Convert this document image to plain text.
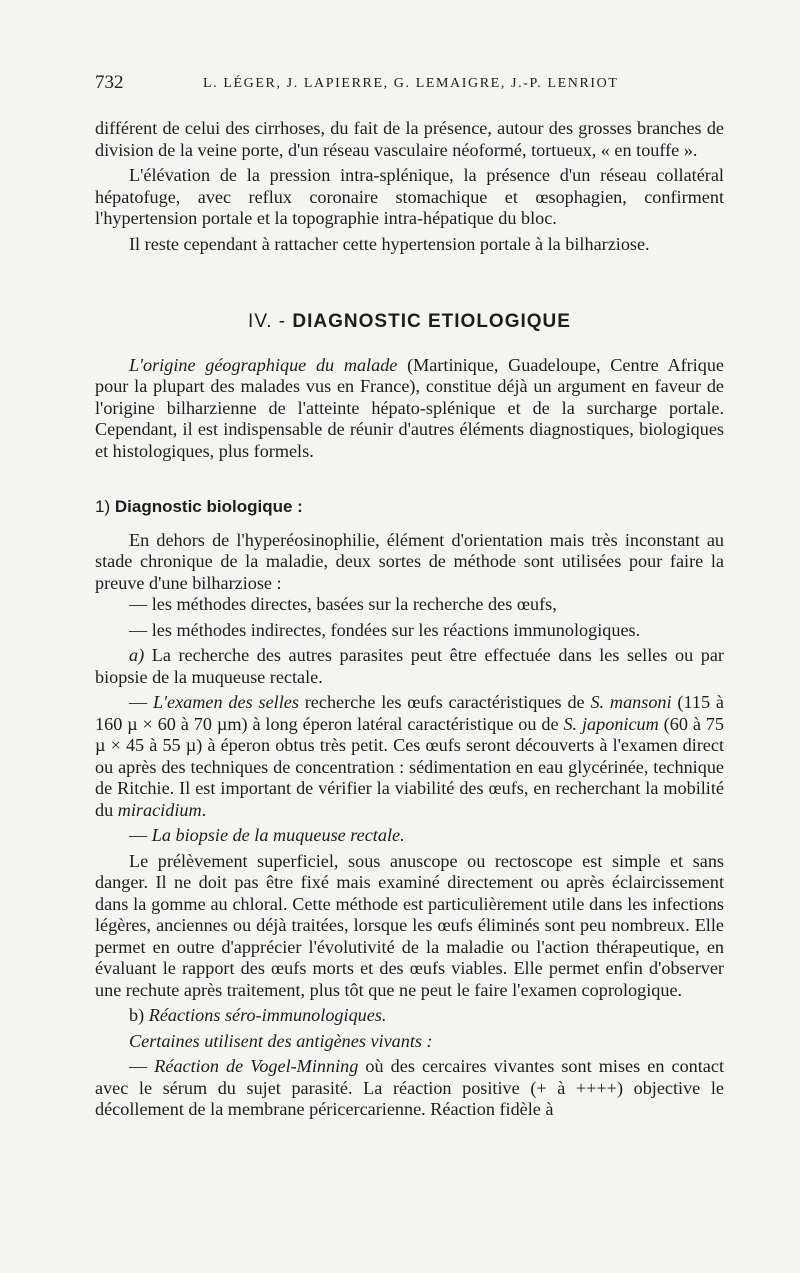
732	L. LÉGER, J. LAPIERRE, G. LEMAIGRE, J.-P. LENRIOT

différent de celui des cirrhoses, du fait de la présence, autour des grosses branches de division de la veine porte, d'un réseau vasculaire néoformé, tortueux, « en touffe ».

L'élévation de la pression intra-splénique, la présence d'un réseau collatéral hépatofuge, avec reflux coronaire stomachique et œsophagien, confirment l'hypertension portale et la topographie intra-hépatique du bloc.

Il reste cependant à rattacher cette hypertension portale à la bilharziose.

IV. - DIAGNOSTIC ETIOLOGIQUE

L'origine géographique du malade (Martinique, Guadeloupe, Centre Afrique pour la plupart des malades vus en France), constitue déjà un argument en faveur de l'origine bilharzienne de l'atteinte hépato-splénique et de la surcharge portale. Cependant, il est indispensable de réunir d'autres éléments diagnostiques, biologiques et histologiques, plus formels.

1) Diagnostic biologique :

En dehors de l'hyperéosinophilie, élément d'orientation mais très inconstant au stade chronique de la maladie, deux sortes de méthode sont utilisées pour faire la preuve d'une bilharziose :

— les méthodes directes, basées sur la recherche des œufs,

— les méthodes indirectes, fondées sur les réactions immunologiques.

a) La recherche des autres parasites peut être effectuée dans les selles ou par biopsie de la muqueuse rectale.

— L'examen des selles recherche les œufs caractéristiques de S. mansoni (115 à 160 µ × 60 à 70 µm) à long éperon latéral caractéristique ou de S. japonicum (60 à 75 µ × 45 à 55 µ) à éperon obtus très petit. Ces œufs seront découverts à l'examen direct ou après des techniques de concentration : sédimentation en eau glycérinée, technique de Ritchie. Il est important de vérifier la viabilité des œufs, en recherchant la mobilité du miracidium.

— La biopsie de la muqueuse rectale.

Le prélèvement superficiel, sous anuscope ou rectoscope est simple et sans danger. Il ne doit pas être fixé mais examiné directement ou après éclaircissement dans la gomme au chloral. Cette méthode est particulièrement utile dans les infections légères, anciennes ou déjà traitées, lorsque les œufs éliminés sont peu nombreux. Elle permet en outre d'apprécier l'évolutivité de la maladie ou l'action thérapeutique, en évaluant le rapport des œufs morts et des œufs viables. Elle permet enfin d'observer une rechute après traitement, plus tôt que ne peut le faire l'examen coprologique.

b) Réactions séro-immunologiques.

Certaines utilisent des antigènes vivants :

— Réaction de Vogel-Minning où des cercaires vivantes sont mises en contact avec le sérum du sujet parasité. La réaction positive (+ à ++++) objective le décollement de la membrane péricercarienne. Réaction fidèle à
